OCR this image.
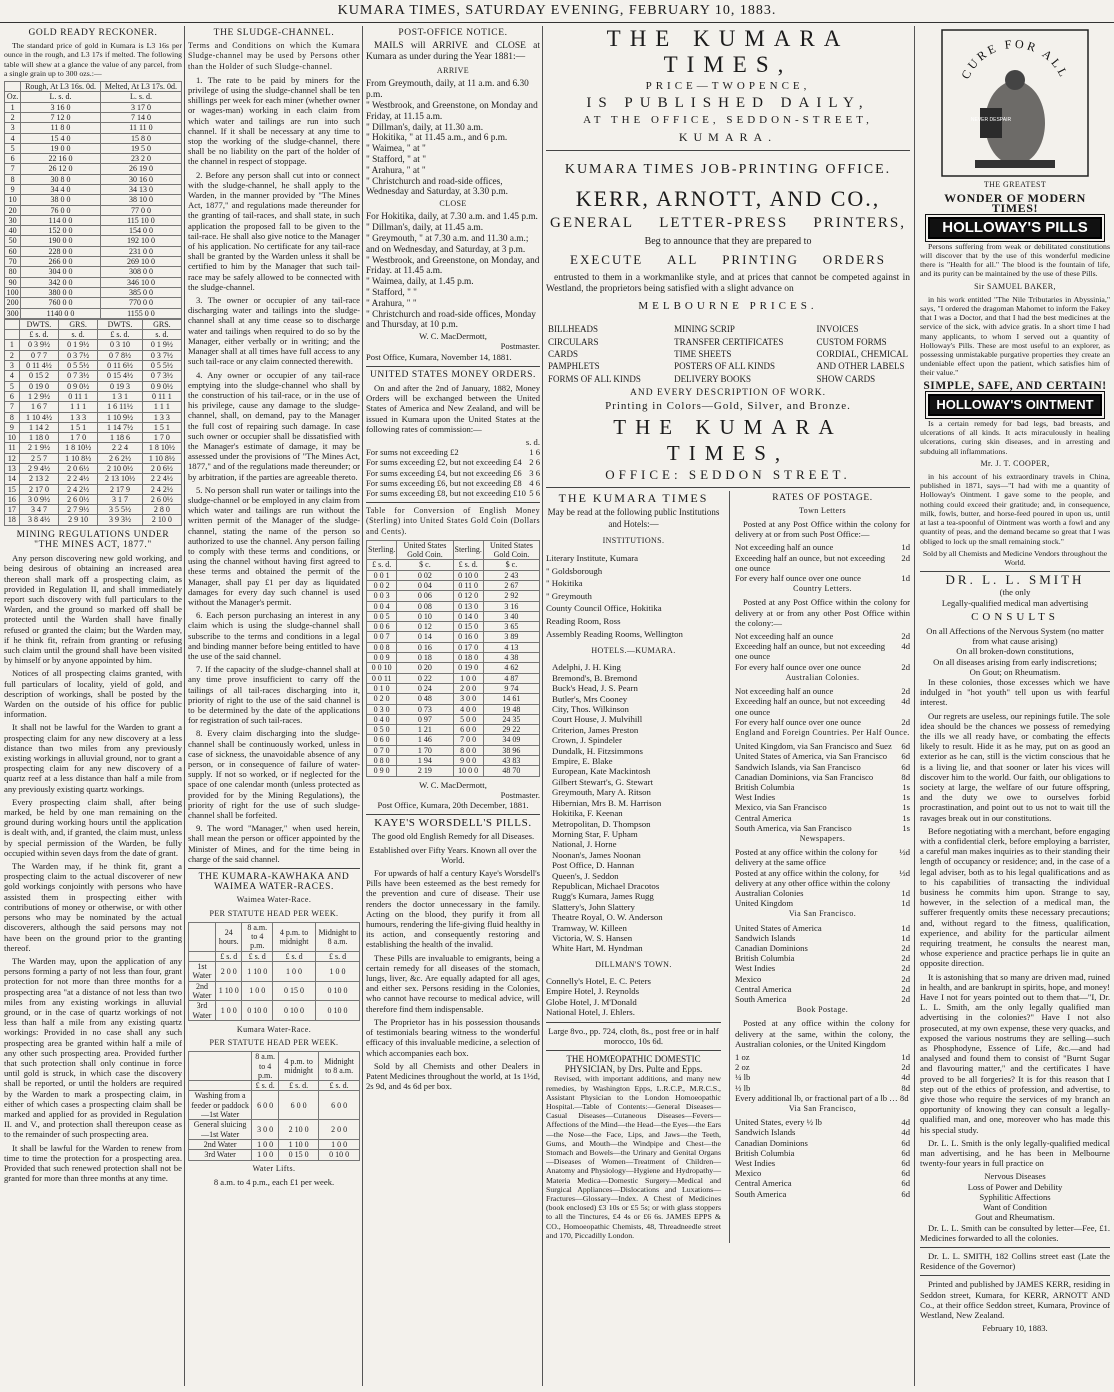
KUMARA TIMES, SATURDAY EVENING, FEBRUARY 10, 1883.
GOLD READY RECKONER.

The standard price of gold in Kumara is L3 16s per ounce in the rough, and L3 17s if melted. The following table will shew at a glance the value of any parcel, from a single grain up to 300 ozs.:—

	Rough, At L3 16s. 0d.	Melted, At L3 17s. 0d.
Oz.	L. s. d.	L. s. d.
1	3 16 0	3 17 0
2	7 12 0	7 14 0
3	11 8 0	11 11 0
4	15 4 0	15 8 0
5	19 0 0	19 5 0
6	22 16 0	23 2 0
7	26 12 0	26 19 0
8	30 8 0	30 16 0
9	34 4 0	34 13 0
10	38 0 0	38 10 0
20	76 0 0	77 0 0
30	114 0 0	115 10 0
40	152 0 0	154 0 0
50	190 0 0	192 10 0
60	228 0 0	231 0 0
70	266 0 0	269 10 0
80	304 0 0	308 0 0
90	342 0 0	346 10 0
100	380 0 0	385 0 0
200	760 0 0	770 0 0
300	1140 0 0	1155 0 0
	DWTS.	GRS.	DWTS.	GRS.
	£ s. d.	s. d.	£ s. d.	s. d.
1	0 3 9½	0 1 9½	0 3 10	0 1 9½
2	0 7 7	0 3 7½	0 7 8½	0 3 7½
3	0 11 4½	0 5 5½	0 11 6½	0 5 5½
4	0 15 2	0 7 3½	0 15 4½	0 7 3½
5	0 19 0	0 9 0½	0 19 3	0 9 0½
6	1 2 9½	0 11 1	1 3 1	0 11 1
7	1 6 7	1 1 1	1 6 11½	1 1 1
8	1 10 4½	1 3 3	1 10 9½	1 3 3
9	1 14 2	1 5 1	1 14 7½	1 5 1
10	1 18 0	1 7 0	1 18 6	1 7 0
11	2 1 9½	1 8 10½	2 2 4	1 8 10½
12	2 5 7	1 10 8½	2 6 2½	1 10 8½
13	2 9 4½	2 0 6½	2 10 0½	2 0 6½
14	2 13 2	2 2 4½	2 13 10½	2 2 4½
15	2 17 0	2 4 2½	2 17 9	2 4 2½
16	3 0 9½	2 6 0½	3 1 7	2 6 0½
17	3 4 7	2 7 9½	3 5 5½	2 8 0
18	3 8 4½	2 9 10	3 9 3½	2 10 0
MINING REGULATIONS UNDER "THE MINES ACT, 1877."

Any person discovering new gold working, and being desirous of obtaining an increased area thereon shall mark off a prospecting claim, as provided in Regulation II, and shall immediately report such discovery with full particulars to the Warden, and the ground so marked off shall be protected until the Warden shall have finally refused or granted the claim; but the Warden may, if he think fit, refrain from granting or refusing such claim until the ground shall have been visited by himself or by anyone appointed by him.

Notices of all prospecting claims granted, with full particulars of locality, yield of gold, and description of workings, shall be posted by the Warden on the outside of his office for public information.

It shall not be lawful for the Warden to grant a prospecting claim for any new discovery at a less distance than two miles from any previously existing workings in alluvial ground, nor to grant a prospecting claim for any new discovery of a quartz reef at a less distance than half a mile from any previously existing quartz workings.

Every prospecting claim shall, after being marked, be held by one man remaining on the ground during working hours until the application is dealt with, and, if granted, the claim must, unless by special permission of the Warden, be fully occupied within seven days from the date of grant.

The Warden may, if he think fit, grant a prospecting claim to the actual discoverer of new gold workings conjointly with persons who have assisted them in prospecting either with contributions of money or otherwise, or with other persons who may be nominated by the actual discoverers, although the said persons may not have been on the ground prior to the granting thereof.

The Warden may, upon the application of any persons forming a party of not less than four, grant protection for not more than three months for a prospecting area "at a distance of not less than two miles from any existing workings in alluvial ground, or in the case of quartz workings of not less than half a mile from any existing quartz workings: Provided in no case shall any such prospecting area be granted within half a mile of any other such prospecting area. Provided further that such protection shall only continue in force until gold is struck, in which case the discovery shall be reported, or until the holders are required by the Warden to mark a prospecting claim, in either of which cases a prospecting claim shall be marked and applied for as provided in Regulation II. and V., and protection shall thereupon cease as to the remainder of such prospecting area.

It shall be lawful for the Warden to renew from time to time the protection for a prospecting area. Provided that such renewed protection shall not be granted for more than three months at any time.

THE SLUDGE-CHANNEL.
Terms and Conditions on which the Kumara Sludge-channel may be used by Persons other than the Holder of such Sludge-channel.

1. The rate to be paid by miners for the privilege of using the sludge-channel shall be ten shillings per week for each miner (whether owner or wages-man) working in each claim from which water and tailings are run into such channel. If it shall be necessary at any time to stop the working of the sludge-channel, there shall be no liability on the part of the holder of the channel in respect of stoppage.

2. Before any person shall cut into or connect with the sludge-channel, he shall apply to the Warden, in the manner provided by "The Mines Act, 1877," and regulations made thereunder for the granting of tail-races, and shall state, in such application the proposed fall to be given to the tail-race. He shall also give notice to the Manager of his application. No certificate for any tail-race shall be granted by the Warden unless it shall be certified to him by the Manager that such tail-race may be safely allowed to be connected with the sludge-channel.

3. The owner or occupier of any tail-race discharging water and tailings into the sludge-channel shall at any time cease so to discharge water and tailings when required to do so by the Manager, either verbally or in writing; and the Manager shall at all times have full access to any such tail-race or any claim connected therewith.

4. Any owner or occupier of any tail-race emptying into the sludge-channel who shall by the construction of his tail-race, or in the use of his privilege, cause any damage to the sludge-channel, shall, on demand, pay to the Manager the full cost of repairing such damage. In case such owner or occupier shall be dissatisfied with the Manager's estimate of damage, it may be assessed under the provisions of "The Mines Act, 1877," and of the regulations made thereunder; or by arbitration, if the parties are agreeable thereto.

5. No person shall run water or tailings into the sludge-channel or be employed in any claim from which water and tailings are run without the written permit of the Manager of the sludge-channel, stating the name of the person so authorized to use the channel. Any person failing to comply with these terms and conditions, or using the channel without having first agreed to these terms and obtained the permit of the Manager, shall pay £1 per day as liquidated damages for every day such channel is used without the Manager's permit.

6. Each person purchasing an interest in any claim which is using the sludge-channel shall subscribe to the terms and conditions in a legal and binding manner before being entitled to have the use of the said channel.

7. If the capacity of the sludge-channel shall at any time prove insufficient to carry off the tailings of all tail-races discharging into it, priority of right to the use of the said channel is to be determined by the date of the applications for registration of such tail-races.

8. Every claim discharging into the sludge-channel shall be continuously worked, unless in case of sickness, the unavoidable absence of any person, or in consequence of failure of water-supply. If not so worked, or if neglected for the space of one calendar month (unless protected as provided for by the Mining Regulations), the priority of right for the use of such sludge-channel shall be forfeited.

9. The word "Manager," when used herein, shall mean the person or officer appointed by the Minister of Mines, and for the time being in charge of the said channel.

THE KUMARA-KAWHAKA AND WAIMEA WATER-RACES.
Waimea Water-Race.
PER STATUTE HEAD PER WEEK.
	24 hours.	8 a.m. to 4 p.m.	4 p.m. to midnight	Midnight to 8 a.m.
	£ s. d	£ s. d	£ s. d	£ s. d
1st Water	2 0 0	1 10 0	1 0 0	1 0 0
2nd Water	1 10 0	1 0 0	0 15 0	0 10 0
3rd Water	1 0 0	0 10 0	0 10 0	0 10 0
Kumara Water-Race.
PER STATUTE HEAD PER WEEK.
	8 a.m. to 4 p.m.	4 p.m. to midnight	Midnight to 8 a.m.
	£ s. d.	£ s. d.	£ s. d.
Washing from a feeder or paddock—1st Water	6 0 0	6 0 0	6 0 0
General sluicing—1st Water	3 0 0	2 10 0	2 0 0
2nd Water	1 0 0	1 10 0	1 0 0
3rd Water	1 0 0	0 15 0	0 10 0
Water Lifts.
8 a.m. to 4 p.m., each £1 per week.
POST-OFFICE NOTICE.

MAILS will ARRIVE and CLOSE at Kumara as under during the Year 1881:—

ARRIVE
From Greymouth, daily, at 11 a.m. and 6.30 p.m.
" Westbrook, and Greenstone, on Monday and Friday, at 11.15 a.m.
" Dillman's, daily, at 11.30 a.m.
" Hokitika, " at 11.45 a.m., and 6 p.m.
" Waimea, " at "
" Stafford, " at "
" Arahura, " at "
" Christchurch and road-side offices, Wednesday and Saturday, at 3.30 p.m.
CLOSE
For Hokitika, daily, at 7.30 a.m. and 1.45 p.m.
" Dillman's, daily, at 11.45 a.m.
" Greymouth, " at 7.30 a.m. and 11.30 a.m.; and on Wednesday, and Saturday, at 3 p.m.
" Westbrook, and Greenstone, on Monday, and Friday. at 11.45 a.m.
" Waimea, daily, at 1.45 p.m.
" Stafford, " "
" Arahura, " "
" Christchurch and road-side offices, Monday and Thursday, at 10 p.m.
W. C. MacDermott,
Postmaster.
Post Office, Kumara, November 14, 1881.
UNITED STATES MONEY ORDERS.

On and after the 2nd of January, 1882, Money Orders will be exchanged between the United States of America and New Zealand, and will be issued in Kumara upon the United States at the following rates of commission:—

s. d.
For sums not exceeding £2	1 6
For sums exceeding £2, but not exceeding £4 2 6
For sums exceeding £4, but not exceeding £6 3 6
For sums exceeding £6, but not exceeding £8 4 6
For sums exceeding £8, but not exceeding £10 5 6
Table for Conversion of English Money (Sterling) into United States Gold Coin (Dollars and Cents).
Sterling.	United States Gold Coin.	Sterling.	United States Gold Coin.
£ s. d.	$ c.	£ s. d.	$ c.
0 0 1	0 02	0 10 0	2 43
0 0 2	0 04	0 11 0	2 67
0 0 3	0 06	0 12 0	2 92
0 0 4	0 08	0 13 0	3 16
0 0 5	0 10	0 14 0	3 40
0 0 6	0 12	0 15 0	3 65
0 0 7	0 14	0 16 0	3 89
0 0 8	0 16	0 17 0	4 13
0 0 9	0 18	0 18 0	4 38
0 0 10	0 20	0 19 0	4 62
0 0 11	0 22	1 0 0	4 87
0 1 0	0 24	2 0 0	9 74
0 2 0	0 48	3 0 0	14 61
0 3 0	0 73	4 0 0	19 48
0 4 0	0 97	5 0 0	24 35
0 5 0	1 21	6 0 0	29 22
0 6 0	1 46	7 0 0	34 09
0 7 0	1 70	8 0 0	38 96
0 8 0	1 94	9 0 0	43 83
0 9 0	2 19	10 0 0	48 70
W. C. MacDermott,
Postmaster.
Post Office, Kumara, 20th December, 1881.
KAYE'S WORSDELL'S PILLS.
The good old English Remedy for all Diseases.
Established over Fifty Years. Known all over the World.

For upwards of half a century Kaye's Worsdell's Pills have been esteemed as the best remedy for the prevention and cure of disease. Their use renders the doctor unnecessary in the family. Acting on the blood, they purify it from all humours, rendering the life-giving fluid healthy in its action, and consequently restoring and establishing the health of the invalid.

These Pills are invaluable to emigrants, being a certain remedy for all diseases of the stomach, lungs, liver, &c. Are equally adapted for all ages, and either sex. Persons residing in the Colonies, who cannot have recourse to medical advice, will therefore find them indispensable.

The Proprietor has in his possession thousands of testimonials bearing witness to the wonderful efficacy of this invaluable medicine, a selection of which accompanies each box.

Sold by all Chemists and other Dealers in Patent Medicines throughout the world, at 1s 1½d, 2s 9d, and 4s 6d per box.

THE KUMARA TIMES,
PRICE—TWOPENCE,
IS PUBLISHED DAILY,
AT THE OFFICE, SEDDON-STREET,
KUMARA.
KUMARA TIMES JOB-PRINTING OFFICE.
KERR, ARNOTT, AND CO.,
GENERAL LETTER-PRESS PRINTERS,
Beg to announce that they are prepared to
EXECUTE ALL PRINTING ORDERS

entrusted to them in a workmanlike style, and at prices that cannot be competed against in Westland, the proprietors being satisfied with a slight advance on

MELBOURNE PRICES.
BILLHEADS
CIRCULARS
CARDS
PAMPHLETS
FORMS OF ALL KINDS
MINING SCRIP
TRANSFER CERTIFICATES
TIME SHEETS
POSTERS OF ALL KINDS
DELIVERY BOOKS
INVOICES
CUSTOM FORMS
CORDIAL, CHEMICAL
AND OTHER LABELS
SHOW CARDS
AND EVERY DESCRIPTION OF WORK.
Printing in Colors—Gold, Silver, and Bronze.
THE KUMARA TIMES,
OFFICE: SEDDON STREET.
THE KUMARA TIMES
May be read at the following public Institutions and Hotels:—
INSTITUTIONS.
Literary Institute, Kumara
" Goldsborough
" Hokitika
" Greymouth
County Council Office, Hokitika
Reading Room, Ross
Assembly Reading Rooms, Wellington
HOTELS.—KUMARA.
Adelphi, J. H. King
Bremond's, B. Bremond
Buck's Head, J. S. Pearn
Butler's, Mrs Cooney
City, Thos. Wilkinson
Court House, J. Mulvihill
Criterion, James Preston
Crown, J. Spindeler
Dundalk, H. Fitzsimmons
Empire, E. Blake
European, Kate Mackintosh
Gilbert Stewart's, G. Stewart
Greymouth, Mary A. Ritson
Hibernian, Mrs B. M. Harrison
Hokitika, F. Keenan
Metropolitan, D. Thompson
Morning Star, F. Upham
National, J. Horne
Noonan's, James Noonan
Post Office, D. Hannan
Queen's, J. Seddon
Republican, Michael Dracotos
Rugg's Kumara, James Rugg
Slattery's, John Slattery
Theatre Royal, O. W. Anderson
Tramway, W. Killeen
Victoria, W. S. Hansen
White Hart, M. Hyndman
DILLMAN'S TOWN.
Connelly's Hotel, E. C. Peters
Empire Hotel, J. Reynolds
Globe Hotel, J. M'Donald
National Hotel, J. Ehlers.
Large 8vo., pp. 724, cloth, 8s., post free or in half morocco, 10s 6d.
THE HOMŒOPATHIC DOMESTIC PHYSICIAN, by Drs. Pulte and Epps.

Revised, with important additions, and many new remedies, by Washington Epps, L.R.C.P., M.R.C.S., Assistant Physician to the London Homoeopathic Hospital.—Table of Contents:—General Diseases—Casual Diseases—Cutaneous Diseases—Fevers—Affections of the Mind—the Head—the Eyes—the Ears—the Nose—the Face, Lips, and Jaws—the Teeth, Gums, and Mouth—the Windpipe and Chest—the Stomach and Bowels—the Urinary and Genital Organs—Diseases of Women—Treatment of Children—Anatomy and Physiology—Hygiene and Hydropathy—Materia Medica—Domestic Surgery—Medical and Surgical Appliances—Dislocations and Luxations—Fractures—Glossary—Index. A Chest of Medicines (book enclosed) £3 10s or £5 5s; or with glass stoppers to all the Tinctures, £4 4s or £6 6s. JAMES EPPS & CO., Homoeopathic Chemists, 48, Threadneedle street and 170, Piccadilly London.

RATES OF POSTAGE.
Town Letters

Posted at any Post Office within the colony for delivery at or from such Post Office:—

Not exceeding half an ounce	1d
Exceeding half an ounce, but not exceeding one ounce
2d
For every half ounce over one ounce	1d
Country Letters.

Posted at any Post Office within the colony for delivery at or from any other Post Office within the colony:—

Not exceeding half an ounce	2d
Exceeding half an ounce, but not exceeding one ounce
4d
For every half ounce over one ounce	2d
Australian Colonies.
Not exceeding half an ounce	2d
Exceeding half an ounce, but not exceeding one ounce
4d
For every half ounce over one ounce	2d
England and Foreign Countries. Per Half Ounce.
United Kingdom, via San Francisco and Suez 6d
United States of America, via San Francisco 6d
Sandwich Islands, via San Francisco	6d
Canadian Dominions, via San Francisco	8d
British Columbia	1s
West Indies	1s
Mexico, via San Francisco	1s
Central America	1s
South America, via San Francisco	1s
Newspapers.
Posted at any office within the colony for delivery at the same office
½d
Posted at any office within the colony, for delivery at any other office within the colony
½d
Australian Colonies	1d
United Kingdom	1d
Via San Francisco.
United States of America	1d
Sandwich Islands	1d
Canadian Dominions	2d
British Columbia	2d
West Indies	2d
Mexico	2d
Central America	2d
South America	2d
Book Postage.

Posted at any office within the colony for delivery at the same, within the colony, the Australian colonies, or the United Kingdom

1 oz	1d
2 oz	2d
¼ lb	4d
½ lb	8d
Every additional lb, or fractional part of a lb … 8d
Via San Francisco,
United States, every ½ lb	4d
Sandwich Islands	4d
Canadian Dominions	6d
British Columbia	6d
West Indies	6d
Mexico	6d
Central America	6d
South America	6d
CURE FOR ALL
NEVER DESPAIR
THE GREATEST
WONDER OF MODERN TIMES!
HOLLOWAY'S PILLS

Persons suffering from weak or debilitated constitutions will discover that by the use of this wonderful medicine there is "Health for all." The blood is the fountain of life, and its purity can be maintained by the use of these Pills.

Sir SAMUEL BAKER,

in his work entitled "The Nile Tributaries in Abyssinia," says, "I ordered the dragoman Mahomet to inform the Fakey that I was a Doctor, and that I had the best medicines at the service of the sick, with advice gratis. In a short time I had many applicants, to whom I served out a quantity of Holloway's Pills. These are most useful to an explorer, as possessing unmistakable purgative properties they create an undeniable effect upon the patient, which satisfies him of their value."

SIMPLE, SAFE, AND CERTAIN!
HOLLOWAY'S OINTMENT

Is a certain remedy for bad legs, bad breasts, and ulcerations of all kinds. It acts miraculously in healing ulcerations, curing skin diseases, and in arresting and subduing all inflammations.

Mr. J. T. COOPER,

in his account of his extraordinary travels in China, published in 1871, says—"I had with me a quantity of Holloway's Ointment. I gave some to the people, and nothing could exceed their gratitude; and, in consequence, milk, fowls, butter, and horse-feed poured in upon us, until at last a tea-spoonful of Ointment was worth a fowl and any quantity of peas, and the demand became so great that I was obliged to lock up the small remaining stock."

Sold by all Chemists and Medicine Vendors throughout the World.
DR. L. L. SMITH
(the only
Legally-qualified medical man advertising
CONSULTS
On all Affections of the Nervous System (no matter from what cause arising)
On all broken-down constitutions,
On all diseases arising from early indiscretions;
On Gout; on Rheumatism.

In these colonies, those excesses which we have indulged in "hot youth" tell upon us with fearful interest.

Our regrets are useless, our repinings futile. The sole idea should be the chances we possess of remedying the ills we all ready have, or combating the effects likely to result. Hide it as he may, put on as good an exterior as he can, still is the victim conscious that he is a living lie, and that sooner or later his vices will discover him to the world. Our faith, our obligations to society at large, the welfare of our future offspring, and the duty we owe to ourselves forbid procrastination, and point out to us not to wait till the ravages break out in our constitutions.

Before negotiating with a merchant, before engaging with a confidential clerk, before employing a barrister, a careful man makes inquiries as to their standing their length of occupancy or residence; and, in the case of a legal adviser, both as to his legal qualifications and as to his capabilities of transacting the individual business he commits him upon. Strange to say, however, in the selection of a medical man, the sufferer frequently omits these necessary precautions; and, without regard to the fitness, qualification, experience, and ability for the particular ailment requiring treatment, he consults the nearest man, whose experience and practice perhaps lie in quite an opposite direction.

It is astonishing that so many are driven mad, ruined in health, and are bankrupt in spirits, hope, and money! Have I not for years pointed out to them that—"I, Dr. L. L. Smith, am the only legally qualified man advertising in the colonies?" Have I not also prosecuted, at my own expense, these very quacks, and exposed the various nostrums they are selling—such as Phosphodyne, Essence of Life, &c.—and had analysed and found them to consist of "Burnt Sugar and flavouring matter," and the certificates I have proved to be all forgeries? It is for this reason that I step out of the ethics of profession, and advertise, to give those who require the services of my branch an opportunity of knowing they can consult a legally-qualified man, and one, moreover who has made this his special study.

Dr. L. L. Smith is the only legally-qualified medical man advertising, and he has been in Melbourne twenty-four years in full practice on

Nervous Diseases
Loss of Power and Debility
Syphilitic Affections
Want of Condition
Gout and Rheumatism.

Dr. L. L. Smith can be consulted by letter—Fee, £1. Medicines forwarded to all the colonies.

Dr. L. L. SMITH, 182 Collins street east (Late the Residence of the Governor)

Printed and published by JAMES KERR, residing in Seddon street, Kumara, for KERR, ARNOTT AND Co., at their office Seddon street, Kumara, Province of Westland, New Zealand.

February 10, 1883.
